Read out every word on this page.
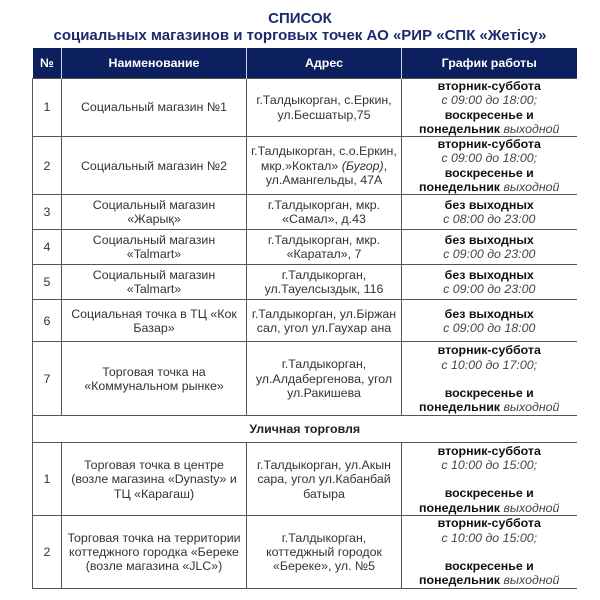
СПИСОК
социальных магазинов и торговых точек АО «РИР «СПК «Жетісу»
№	Наименование	Адрес	График работы
1	Социальный магазин №1	г.Талдыкорган, с.Еркин, ул.Бесшатыр,75	вторник-суббота
с 09:00 до 18:00;
воскресенье и понедельник выходной
2	Социальный магазин №2	г.Талдыкорган, с.о.Еркин, мкр.»Коктал» (Бугор), ул.Амангельды, 47А	вторник-суббота
с 09:00 до 18:00;
воскресенье и понедельник выходной
3	Социальный магазин «Жарық»	г.Талдыкорган, мкр. «Самал», д.43	без выходных
с 08:00 до 23:00
4	Социальный магазин «Talmart»	г.Талдыкорган, мкр. «Каратал», 7	без выходных
с 09:00 до 23:00
5	Социальный магазин «Talmart»	г.Талдыкорган, ул.Тауелсыздык, 116	без выходных
с 09:00 до 23:00
6	Социальная точка в ТЦ «Кок Базар»	г.Талдыкорган, ул.Біржан сал, угол ул.Гаухар ана	без выходных
с 09:00 до 18:00
7	Торговая точка на «Коммунальном рынке»	г.Талдыкорган, ул.Алдабергенова, угол ул.Ракишева	вторник-суббота
с 10:00 до 17:00;
воскресенье и понедельник выходной
Уличная торговля			
1	Торговая точка в центре (возле магазина «Dynasty» и ТЦ «Карагаш)	г.Талдыкорган, ул.Акын сара, угол ул.Кабанбай батыра	вторник-суббота
с 10:00 до 15:00;
воскресенье и понедельник выходной
2	Торговая точка на территории коттеджного городка «Береке (возле магазина «JLC»)	г.Талдыкорган, коттеджный городок «Береке», ул. №5	вторник-суббота
с 10:00 до 15:00;
воскресенье и понедельник выходной
